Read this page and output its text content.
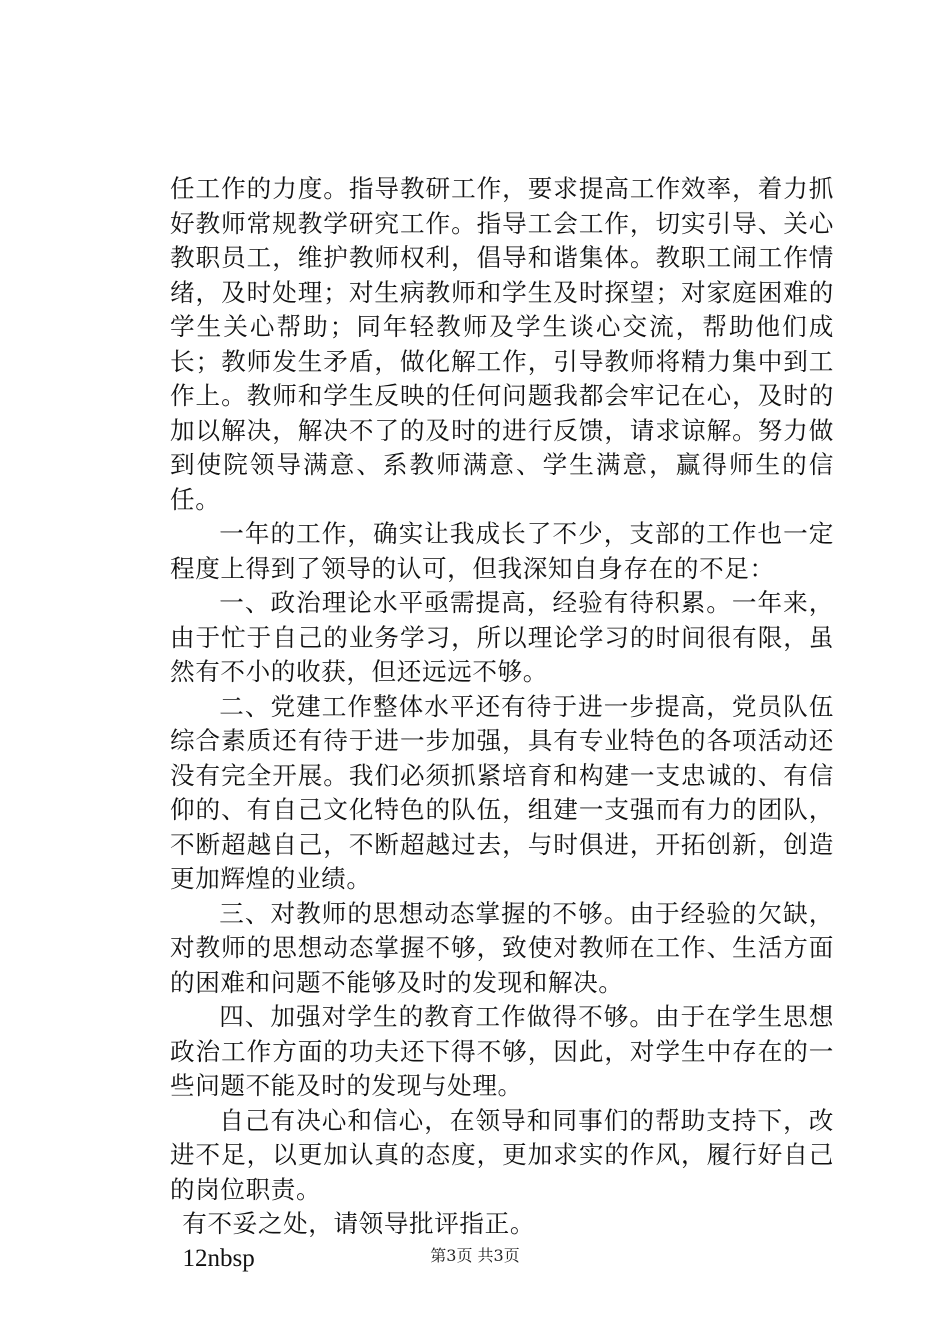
任工作的力度。指导教研工作，要求提高工作效率，着力抓好教师常规教学研究工作。指导工会工作，切实引导、关心教职员工，维护教师权利，倡导和谐集体。教职工闹工作情绪，及时处理；对生病教师和学生及时探望；对家庭困难的学生关心帮助；同年轻教师及学生谈心交流，帮助他们成长；教师发生矛盾，做化解工作，引导教师将精力集中到工作上。教师和学生反映的任何问题我都会牢记在心，及时的加以解决，解决不了的及时的进行反馈，请求谅解。努力做到使院领导满意、系教师满意、学生满意，赢得师生的信任。

一年的工作，确实让我成长了不少，支部的工作也一定程度上得到了领导的认可，但我深知自身存在的不足：

一、政治理论水平亟需提高，经验有待积累。一年来，由于忙于自己的业务学习，所以理论学习的时间很有限，虽然有不小的收获，但还远远不够。

二、党建工作整体水平还有待于进一步提高，党员队伍综合素质还有待于进一步加强，具有专业特色的各项活动还没有完全开展。我们必须抓紧培育和构建一支忠诚的、有信仰的、有自己文化特色的队伍，组建一支强而有力的团队，不断超越自己，不断超越过去，与时俱进，开拓创新，创造更加辉煌的业绩。

三、对教师的思想动态掌握的不够。由于经验的欠缺，对教师的思想动态掌握不够，致使对教师在工作、生活方面的困难和问题不能够及时的发现和解决。

四、加强对学生的教育工作做得不够。由于在学生思想政治工作方面的功夫还下得不够，因此，对学生中存在的一些问题不能及时的发现与处理。

自己有决心和信心，在领导和同事们的帮助支持下，改进不足，以更加认真的态度，更加求实的作风，履行好自己的岗位职责。

有不妥之处，请领导批评指正。

12nbsp	第3页 共3页
